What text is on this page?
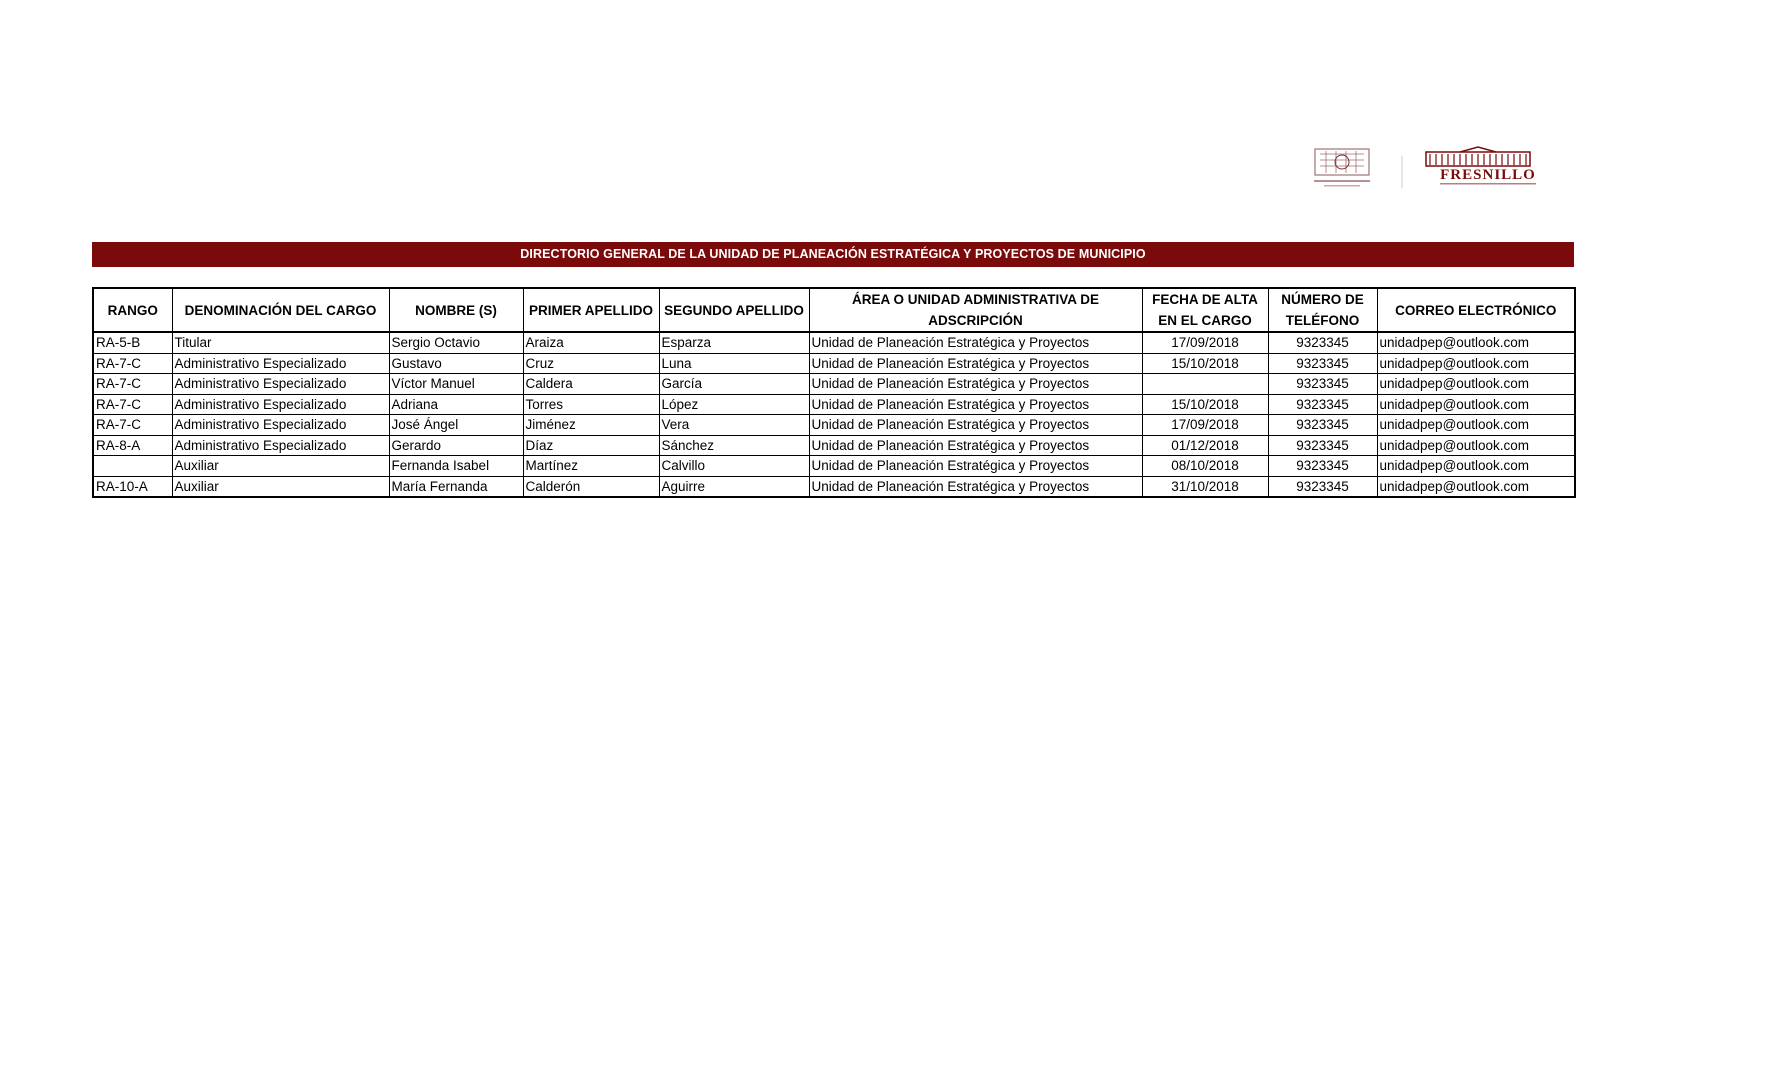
FRESNILLO
DIRECTORIO GENERAL DE LA UNIDAD DE PLANEACIÓN ESTRATÉGICA Y PROYECTOS DE MUNICIPIO
RANGO	DENOMINACIÓN DEL CARGO	NOMBRE (S)	PRIMER APELLIDO	SEGUNDO APELLIDO	ÁREA O UNIDAD ADMINISTRATIVA DE ADSCRIPCIÓN	FECHA DE ALTA EN EL CARGO	NÚMERO DE TELÉFONO	CORREO ELECTRÓNICO
RA-5-B	Titular	Sergio Octavio	Araiza	Esparza	Unidad de Planeación Estratégica y Proyectos	17/09/2018	9323345	unidadpep@outlook.com
RA-7-C	Administrativo Especializado	Gustavo	Cruz	Luna	Unidad de Planeación Estratégica y Proyectos	15/10/2018	9323345	unidadpep@outlook.com
RA-7-C	Administrativo Especializado	Víctor Manuel	Caldera	García	Unidad de Planeación Estratégica y Proyectos		9323345	unidadpep@outlook.com
RA-7-C	Administrativo Especializado	Adriana	Torres	López	Unidad de Planeación Estratégica y Proyectos	15/10/2018	9323345	unidadpep@outlook.com
RA-7-C	Administrativo Especializado	José Ángel	Jiménez	Vera	Unidad de Planeación Estratégica y Proyectos	17/09/2018	9323345	unidadpep@outlook.com
RA-8-A	Administrativo Especializado	Gerardo	Díaz	Sánchez	Unidad de Planeación Estratégica y Proyectos	01/12/2018	9323345	unidadpep@outlook.com
	Auxiliar	Fernanda Isabel	Martínez	Calvillo	Unidad de Planeación Estratégica y Proyectos	08/10/2018	9323345	unidadpep@outlook.com
RA-10-A	Auxiliar	María Fernanda	Calderón	Aguirre	Unidad de Planeación Estratégica y Proyectos	31/10/2018	9323345	unidadpep@outlook.com
